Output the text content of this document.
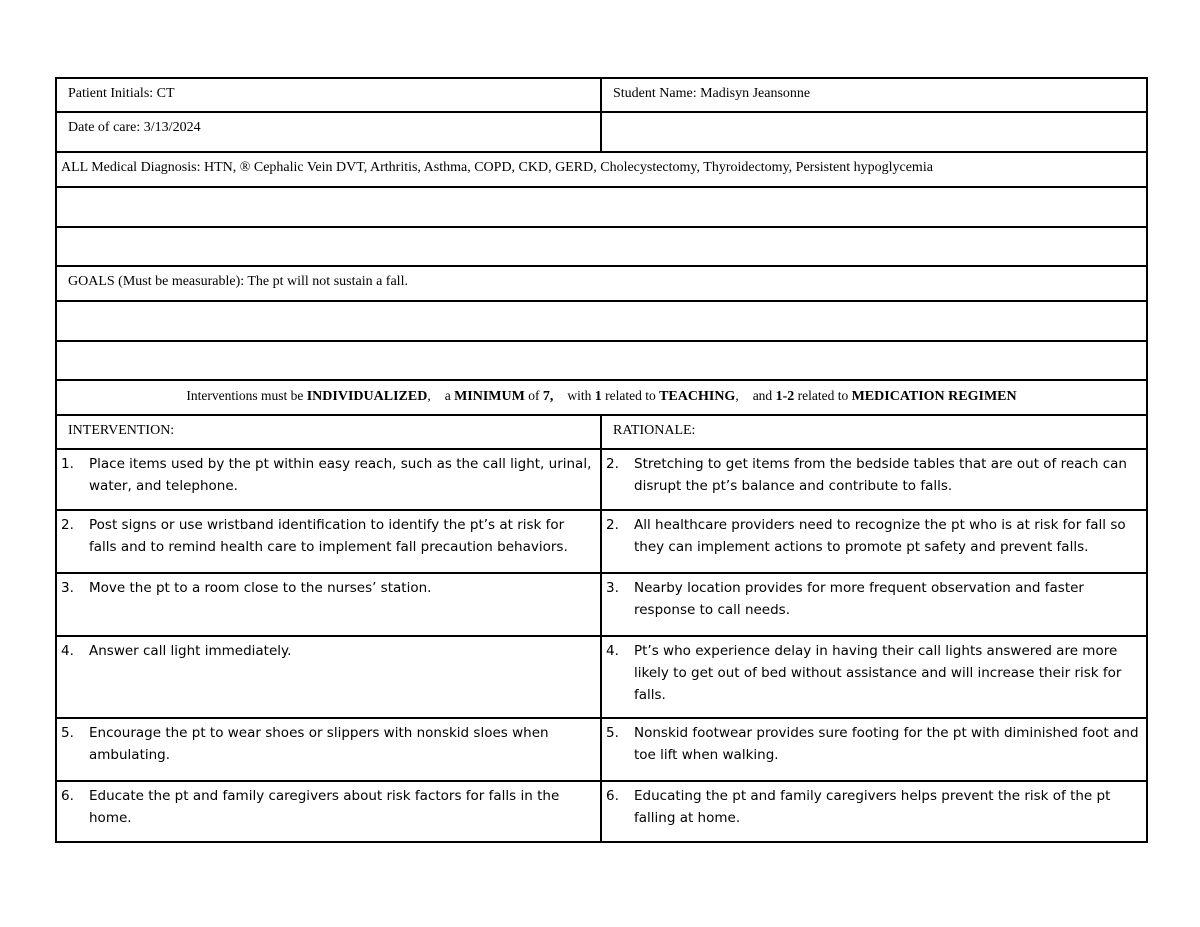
Patient Initials: CT	Student Name: Madisyn Jeansonne
Date of care: 3/13/2024	
ALL Medical Diagnosis: HTN, ® Cephalic Vein DVT, Arthritis, Asthma, COPD, CKD, GERD, Cholecystectomy, Thyroidectomy, Persistent hypoglycemia	

GOALS (Must be measurable): The pt will not sustain a fall.	

Interventions must be INDIVIDUALIZED, a MINIMUM of 7, with 1 related to TEACHING, and 1-2 related to MEDICATION REGIMEN	
INTERVENTION:	RATIONALE:

1. Place items used by the pt within easy reach, such as the call light, urinal, water, and telephone.	2. Stretching to get items from the bedside tables that are out of reach can disrupt the pt’s balance and contribute to falls.

2. Post signs or use wristband identification to identify the pt’s at risk for falls and to remind health care to implement fall precaution behaviors.	2. All healthcare providers need to recognize the pt who is at risk for fall so they can implement actions to promote pt safety and prevent falls.

3. Move the pt to a room close to the nurses’ station.	3. Nearby location provides for more frequent observation and faster response to call needs.

4. Answer call light immediately.	4. Pt’s who experience delay in having their call lights answered are more likely to get out of bed without assistance and will increase their risk for falls.

5. Encourage the pt to wear shoes or slippers with nonskid sloes when ambulating.	5. Nonskid footwear provides sure footing for the pt with diminished foot and toe lift when walking.

6. Educate the pt and family caregivers about risk factors for falls in the home.	6. Educating the pt and family caregivers helps prevent the risk of the pt falling at home.
